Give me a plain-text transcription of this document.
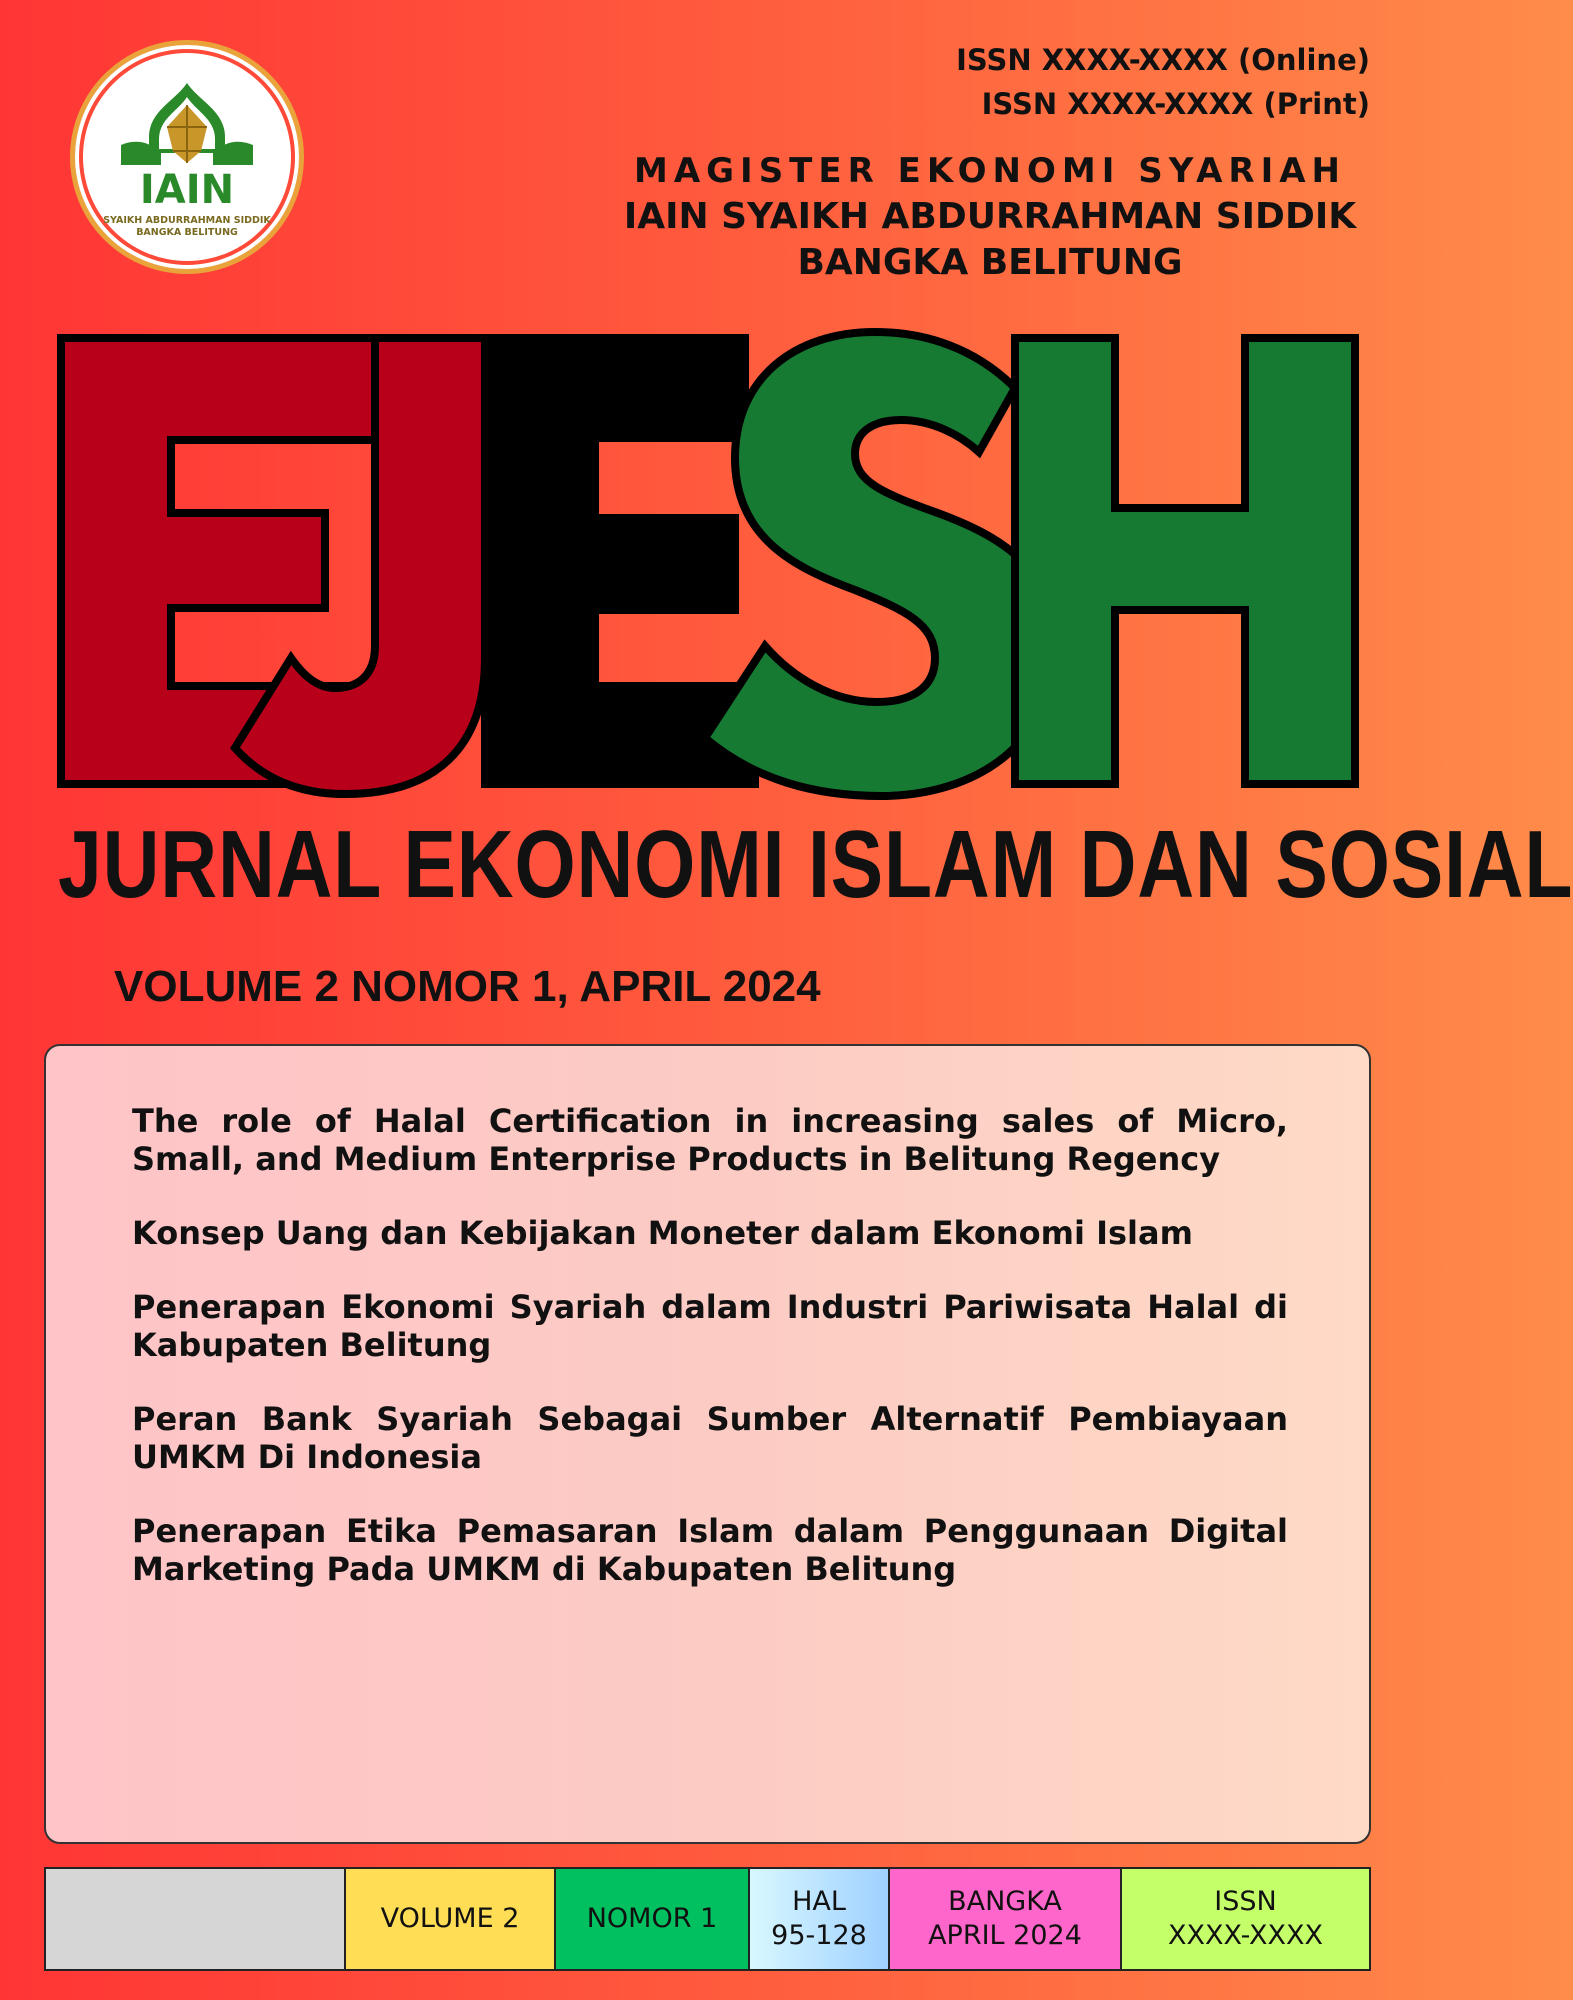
IAIN
SYAIKH ABDURRAHMAN SIDDIK
BANGKA BELITUNG
ISSN XXXX-XXXX (Online)
ISSN XXXX-XXXX (Print)
MAGISTER EKONOMI SYARIAH
IAIN SYAIKH ABDURRAHMAN SIDDIK
BANGKA BELITUNG
JURNAL EKONOMI ISLAM DAN SOSIAL
VOLUME 2 NOMOR 1, APRIL 2024

The role of Halal Certification in increasing sales of Micro, Small, and Medium Enterprise Products in Belitung Regency

Konsep Uang dan Kebijakan Moneter dalam Ekonomi Islam

Penerapan Ekonomi Syariah dalam Industri Pariwisata Halal di Kabupaten Belitung

Peran Bank Syariah Sebagai Sumber Alternatif Pembiayaan UMKM Di Indonesia

Penerapan Etika Pemasaran Islam dalam Penggunaan Digital Marketing Pada UMKM di Kabupaten Belitung

VOLUME 2 NOMOR 1
HAL
95-128
BANGKA
APRIL 2024
ISSN
XXXX-XXXX
